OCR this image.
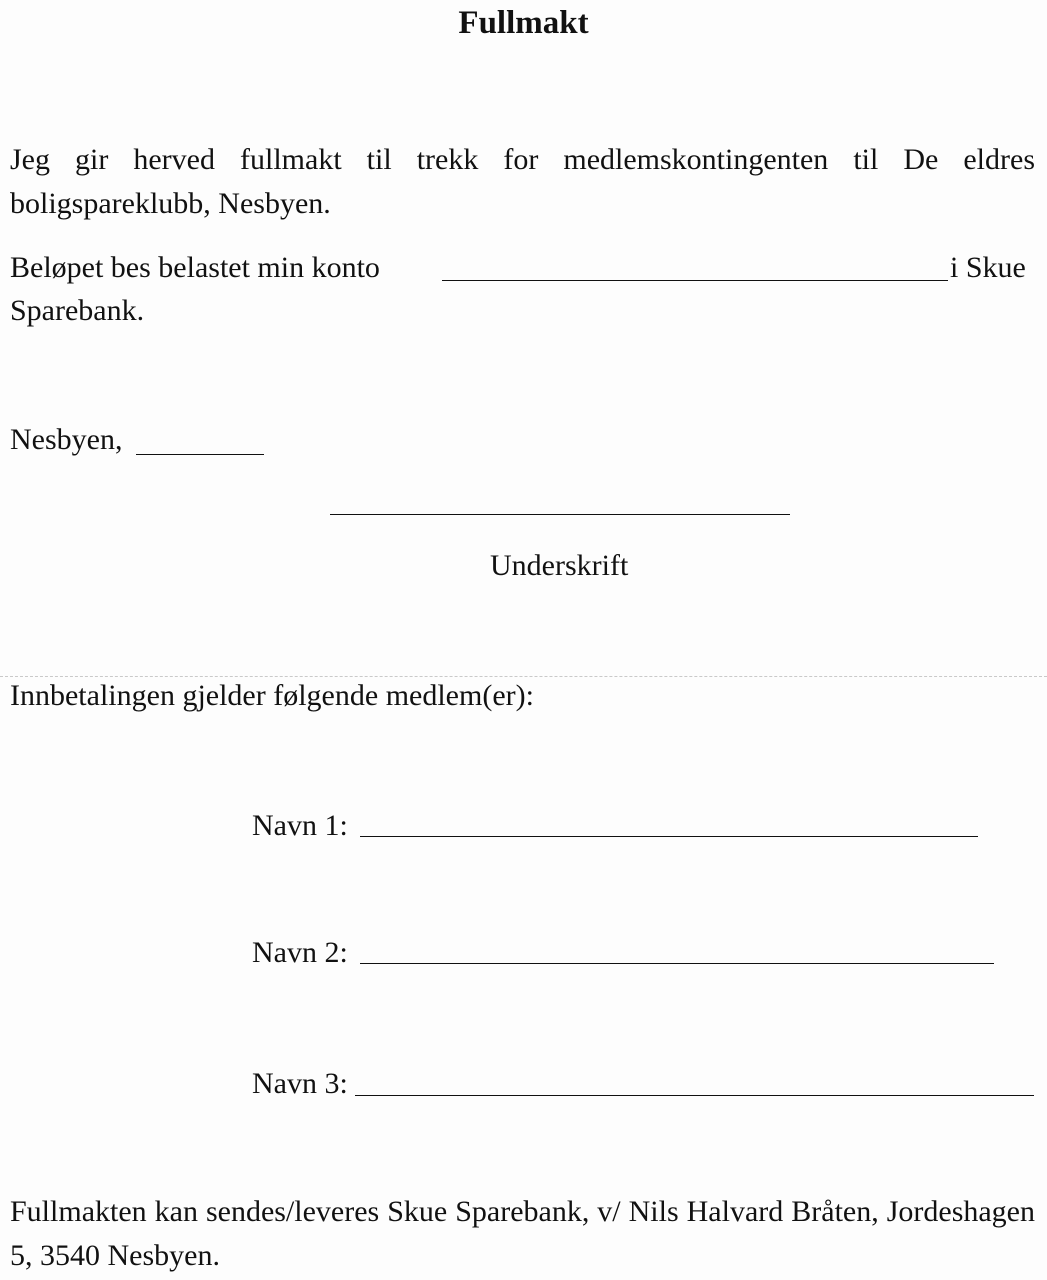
Fullmakt
Jeg gir herved fullmakt til trekk for medlemskontingenten til De eldres boligspareklubb, Nesbyen.
Beløpet bes belastet min konto	i Skue
Sparebank.
Nesbyen,
Underskrift
Innbetalingen gjelder følgende medlem(er):
Navn 1:
Navn 2:
Navn 3:
Fullmakten kan sendes/leveres Skue Sparebank, v/ Nils Halvard Bråten, Jordeshagen 5, 3540 Nesbyen.
